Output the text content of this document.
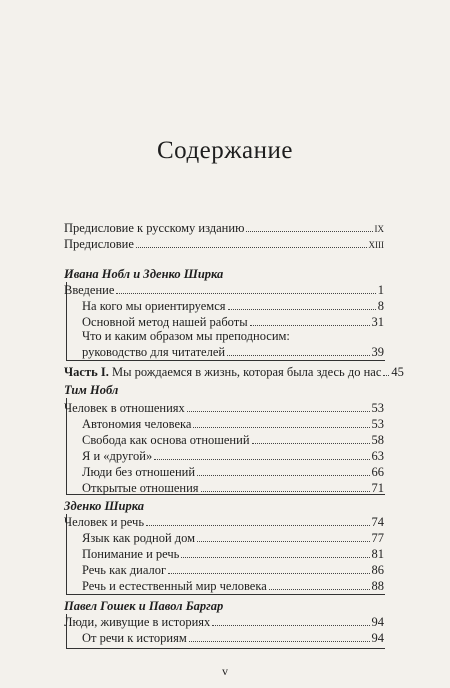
Содержание
Предисловие к русскому изданию	ix
Предисловие	xiii
Ивана Нобл и Зденко Ширка
Введение	1
На кого мы ориентируемся	8
Основной метод нашей работы	31
Что и каким образом мы преподносим:
руководство для читателей	39
Часть I. Мы рождаемся в жизнь, которая была здесь до нас 45
Тим Нобл
Человек в отношениях	53
Автономия человека	53
Свобода как основа отношений	58
Я и «другой»	63
Люди без отношений	66
Открытые отношения	71
Зденко Ширка
Человек и речь	74
Язык как родной дом	77
Понимание и речь	81
Речь как диалог	86
Речь и естественный мир человека	88
Павел Гошек и Павол Баргар
Люди, живущие в историях	94
От речи к историям	94
v
